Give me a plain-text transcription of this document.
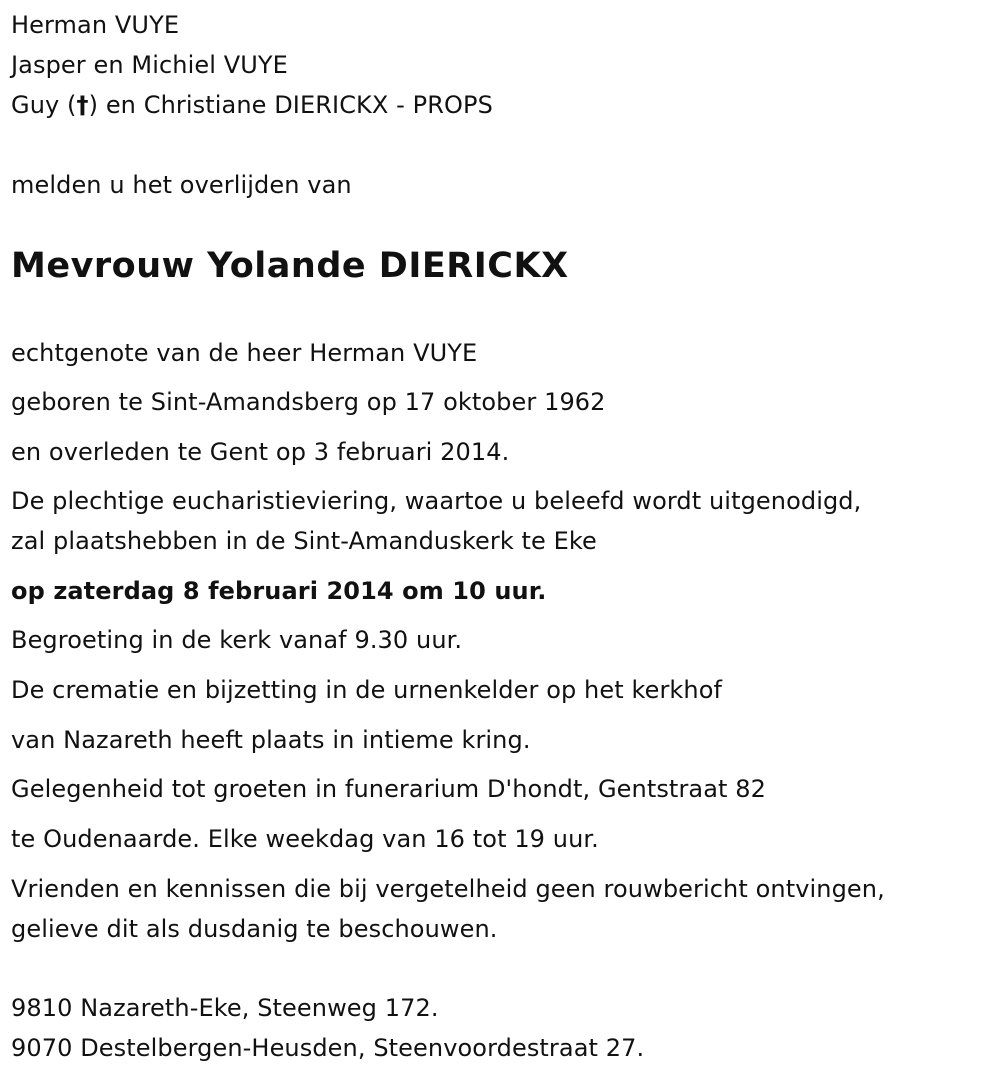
Herman VUYE
Jasper en Michiel VUYE
Guy (†) en Christiane DIERICKX - PROPS
melden u het overlijden van
Mevrouw Yolande DIERICKX
echtgenote van de heer Herman VUYE
geboren te Sint-Amandsberg op 17 oktober 1962
en overleden te Gent op 3 februari 2014.
De plechtige eucharistieviering, waartoe u beleefd wordt uitgenodigd,
zal plaatshebben in de Sint-Amanduskerk te Eke
op zaterdag 8 februari 2014 om 10 uur.
Begroeting in de kerk vanaf 9.30 uur.
De crematie en bijzetting in de urnenkelder op het kerkhof
van Nazareth heeft plaats in intieme kring.
Gelegenheid tot groeten in funerarium D'hondt, Gentstraat 82
te Oudenaarde. Elke weekdag van 16 tot 19 uur.
Vrienden en kennissen die bij vergetelheid geen rouwbericht ontvingen,
gelieve dit als dusdanig te beschouwen.
9810 Nazareth-Eke, Steenweg 172.
9070 Destelbergen-Heusden, Steenvoordestraat 27.
